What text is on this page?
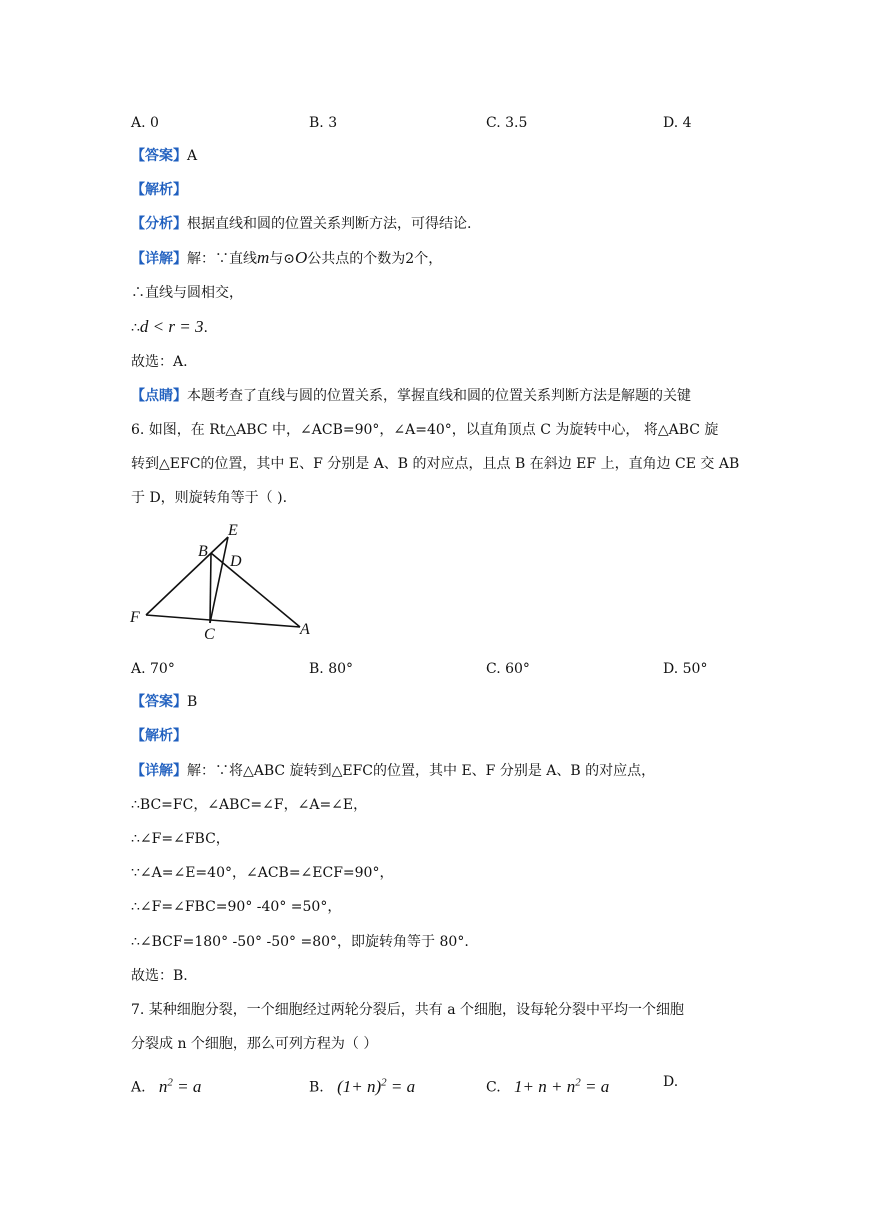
A. 0	B. 3	C. 3.5	D. 4
【答案】A
【解析】
【分析】根据直线和圆的位置关系判断方法，可得结论.
【详解】解：∵直线m与⊙O公共点的个数为2个，
∴直线与圆相交，
∴d < r = 3.
故选：A.
【点睛】本题考查了直线与圆的位置关系，掌握直线和圆的位置关系判断方法是解题的关键
6. 如图，在 Rt△ABC 中，∠ACB=90°，∠A=40°，以直角顶点 C 为旋转中心， 将△ABC 旋
转到△EFC的位置，其中 E、F 分别是 A、B 的对应点，且点 B 在斜边 EF 上，直角边 CE 交 AB
于 D，则旋转角等于（ ).
E
B
D
F
C	A
A. 70°	B. 80°	C. 60°	D. 50°
【答案】B
【解析】
【详解】解：∵将△ABC 旋转到△EFC的位置，其中 E、F 分别是 A、B 的对应点，
∴BC=FC，∠ABC=∠F，∠A=∠E，
∴∠F=∠FBC，
∵∠A=∠E=40°，∠ACB=∠ECF=90°，
∴∠F=∠FBC=90° -40° =50°，
∴∠BCF=180° -50° -50° =80°，即旋转角等于 80°.
故选：B.
7. 某种细胞分裂，一个细胞经过两轮分裂后，共有 a 个细胞，设每轮分裂中平均一个细胞
分裂成 n 个细胞，那么可列方程为（ ）
A. $n^2 = a$	B. $(1+ n)^2 = a$	C. $1+ n + n^2 = a$	D.
